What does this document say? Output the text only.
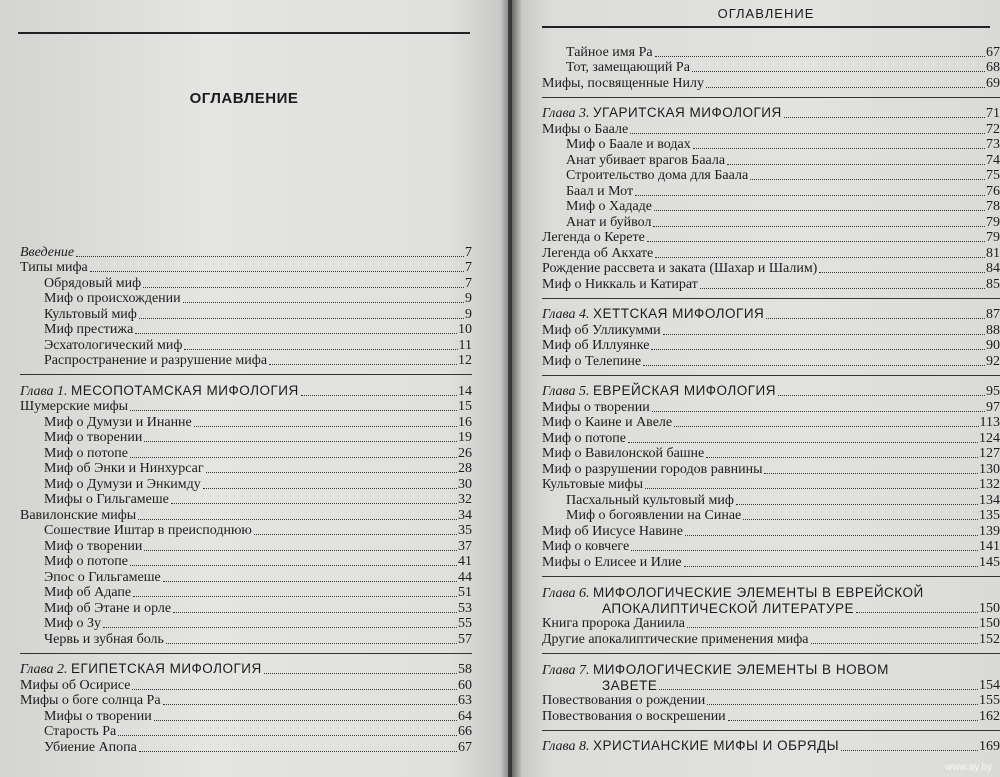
ОГЛАВЛЕНИЕ
Введение	7
Типы мифа	7
Обрядовый миф	7
Миф о происхождении	9
Культовый миф	9
Миф престижа	10
Эсхатологический миф	11
Распространение и разрушение мифа	12
Глава 1. МЕСОПОТАМСКАЯ МИФОЛОГИЯ	14
Шумерские мифы	15
Миф о Думузи и Инанне	16
Миф о творении	19
Миф о потопе	26
Миф об Энки и Нинхурсаг	28
Миф о Думузи и Энкимду	30
Мифы о Гильгамеше	32
Вавилонские мифы	34
Сошествие Иштар в преисподнюю	35
Миф о творении	37
Миф о потопе	41
Эпос о Гильгамеше	44
Миф об Адапе	51
Миф об Этане и орле	53
Миф о Зу	55
Червь и зубная боль	57
Глава 2. ЕГИПЕТСКАЯ МИФОЛОГИЯ	58
Мифы об Осирисе	60
Мифы о боге солнца Ра	63
Мифы о творении	64
Старость Ра	66
Убиение Апопа	67
ОГЛАВЛЕНИЕ
Тайное имя Ра	67
Тот, замещающий Ра	68
Мифы, посвященные Нилу	69
Глава 3. УГАРИТСКАЯ МИФОЛОГИЯ	71
Мифы о Баале	72
Миф о Баале и водах	73
Анат убивает врагов Баала	74
Строительство дома для Баала	75
Баал и Мот	76
Миф о Хададе	78
Анат и буйвол	79
Легенда о Керете	79
Легенда об Акхате	81
Рождение рассвета и заката (Шахар и Шалим)	84
Миф о Никкаль и Катират	85
Глава 4. ХЕТТСКАЯ МИФОЛОГИЯ	87
Миф об Улликумми	88
Миф об Иллуянке	90
Миф о Телепине	92
Глава 5. ЕВРЕЙСКАЯ МИФОЛОГИЯ	95
Мифы о творении	97
Миф о Каине и Авеле	113
Миф о потопе	124
Миф о Вавилонской башне	127
Миф о разрушении городов равнины	130
Культовые мифы	132
Пасхальный культовый миф	134
Миф о богоявлении на Синае	135
Миф об Иисусе Навине	139
Миф о ковчеге	141
Мифы о Елисее и Илие	145
Глава 6. МИФОЛОГИЧЕСКИЕ ЭЛЕМЕНТЫ В ЕВРЕЙСКОЙ
АПОКАЛИПТИЧЕСКОЙ ЛИТЕРАТУРЕ	150
Книга пророка Даниила	150
Другие апокалиптические применения мифа	152
Глава 7. МИФОЛОГИЧЕСКИЕ ЭЛЕМЕНТЫ В НОВОМ
ЗАВЕТЕ	154
Повествования о рождении	155
Повествования о воскрешении	162
Глава 8. ХРИСТИАНСКИЕ МИФЫ И ОБРЯДЫ	169
www.ay.by
